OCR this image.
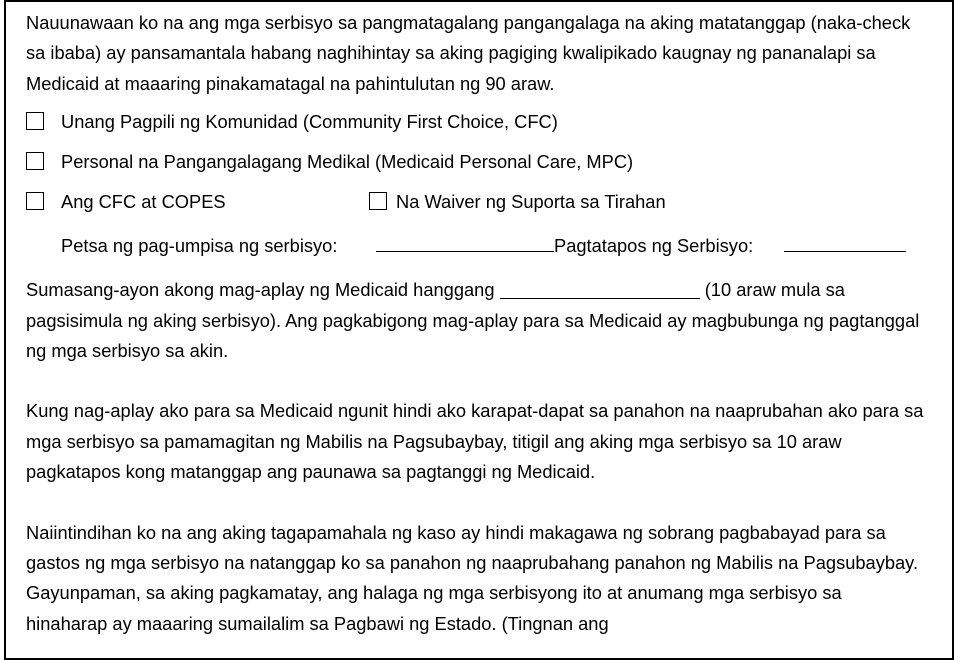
Nauunawaan ko na ang mga serbisyo sa pangmatagalang pangangalaga na aking matatanggap (naka-check sa ibaba) ay pansamantala habang naghihintay sa aking pagiging kwalipikado kaugnay ng pananalapi sa Medicaid at maaaring pinakamatagal na pahintulutan ng 90 araw.

Unang Pagpili ng Komunidad (Community First Choice, CFC)
Personal na Pangangalagang Medikal (Medicaid Personal Care, MPC)
Ang CFC at COPES	Na Waiver ng Suporta sa Tirahan
Petsa ng pag-umpisa ng serbisyo:	Pagtatapos ng Serbisyo:

Sumasang-ayon akong mag-aplay ng Medicaid hanggang	(10 araw mula sa pagsisimula ng aking serbisyo). Ang pagkabigong mag-aplay para sa Medicaid ay magbubunga ng pagtanggal ng mga serbisyo sa akin.

Kung nag-aplay ako para sa Medicaid ngunit hindi ako karapat-dapat sa panahon na naaprubahan ako para sa mga serbisyo sa pamamagitan ng Mabilis na Pagsubaybay, titigil ang aking mga serbisyo sa 10 araw pagkatapos kong matanggap ang paunawa sa pagtanggi ng Medicaid.

Naiintindihan ko na ang aking tagapamahala ng kaso ay hindi makagawa ng sobrang pagbabayad para sa gastos ng mga serbisyo na natanggap ko sa panahon ng naaprubahang panahon ng Mabilis na Pagsubaybay. Gayunpaman, sa aking pagkamatay, ang halaga ng mga serbisyong ito at anumang mga serbisyo sa hinaharap ay maaaring sumailalim sa Pagbawi ng Estado. (Tingnan ang
